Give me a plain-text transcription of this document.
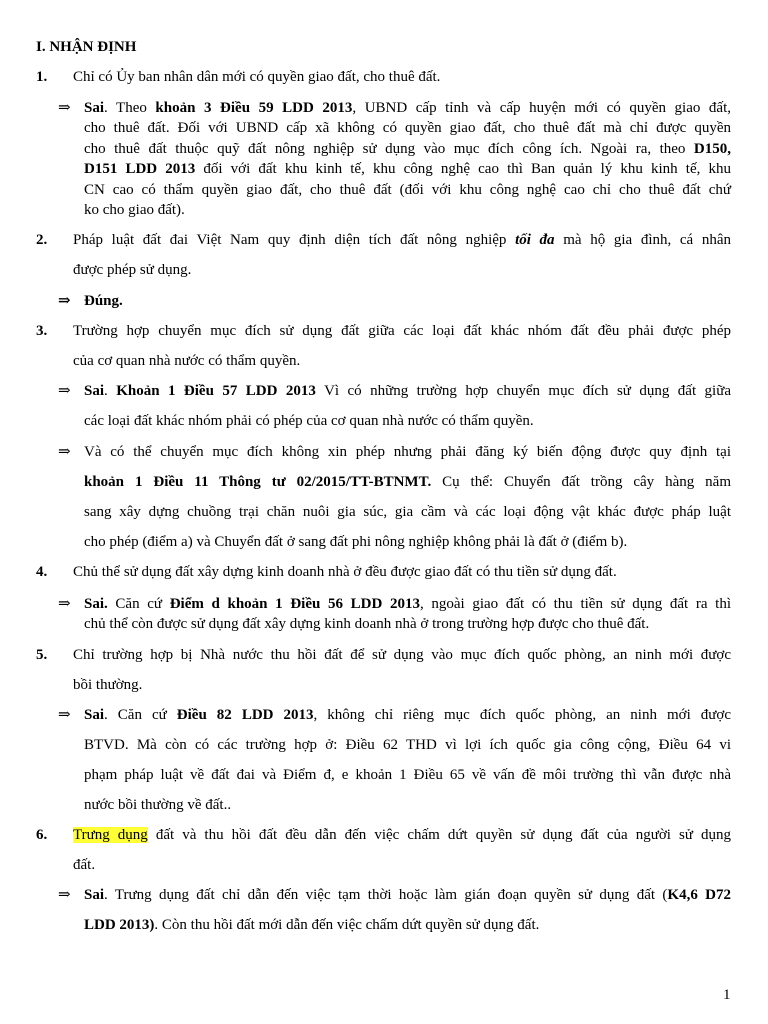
I. NHẬN ĐỊNH
1. Chỉ có Ủy ban nhân dân mới có quyền giao đất, cho thuê đất.
⇒ Sai. Theo khoản 3 Điều 59 LDD 2013, UBND cấp tỉnh và cấp huyện mới có quyền giao đất,
cho thuê đất. Đối với UBND cấp xã không có quyền giao đất, cho thuê đất mà chỉ được quyền
cho thuê đất thuộc quỹ đất nông nghiệp sử dụng vào mục đích công ích. Ngoài ra, theo D150,
D151 LDD 2013 đối với đất khu kinh tế, khu công nghệ cao thì Ban quản lý khu kinh tế, khu
CN cao có thẩm quyền giao đất, cho thuê đất (đối với khu công nghệ cao chỉ cho thuê đất chứ
ko cho giao đất).
2. Pháp luật đất đai Việt Nam quy định diện tích đất nông nghiệp tối đa mà hộ gia đình, cá nhân
được phép sử dụng.
⇒ Đúng.
3. Trường hợp chuyển mục đích sử dụng đất giữa các loại đất khác nhóm đất đều phải được phép
của cơ quan nhà nước có thẩm quyền.
⇒ Sai. Khoản 1 Điều 57 LDD 2013 Vì có những trường hợp chuyển mục đích sử dụng đất giữa
các loại đất khác nhóm phải có phép của cơ quan nhà nước có thẩm quyền.
⇒ Và có thể chuyển mục đích không xin phép nhưng phải đăng ký biến động được quy định tại
khoản 1 Điều 11 Thông tư 02/2015/TT-BTNMT. Cụ thể: Chuyển đất trồng cây hàng năm
sang xây dựng chuồng trại chăn nuôi gia súc, gia cầm và các loại động vật khác được pháp luật
cho phép (điểm a) và Chuyển đất ở sang đất phi nông nghiệp không phải là đất ở (điểm b).
4. Chủ thể sử dụng đất xây dựng kinh doanh nhà ở đều được giao đất có thu tiền sử dụng đất.
⇒ Sai. Căn cứ Điểm d khoản 1 Điều 56 LDD 2013, ngoài giao đất có thu tiền sử dụng đất ra thì
chủ thể còn được sử dụng đất xây dựng kinh doanh nhà ở trong trường hợp được cho thuê đất.
5. Chỉ trường hợp bị Nhà nước thu hồi đất để sử dụng vào mục đích quốc phòng, an ninh mới được
bồi thường.
⇒ Sai. Căn cứ Điều 82 LDD 2013, không chỉ riêng mục đích quốc phòng, an ninh mới được
BTVD. Mà còn có các trường hợp ở: Điều 62 THD vì lợi ích quốc gia công cộng, Điều 64 vi
phạm pháp luật về đất đai và Điểm đ, e khoản 1 Điều 65 về vấn đề môi trường thì vẫn được nhà
nước bồi thường về đất..
6. Trưng dụng đất và thu hồi đất đều dẫn đến việc chấm dứt quyền sử dụng đất của người sử dụng
đất.
⇒ Sai. Trưng dụng đất chỉ dẫn đến việc tạm thời hoặc làm gián đoạn quyền sử dụng đất (K4,6 D72
LDD 2013). Còn thu hồi đất mới dẫn đến việc chấm dứt quyền sử dụng đất.
1
